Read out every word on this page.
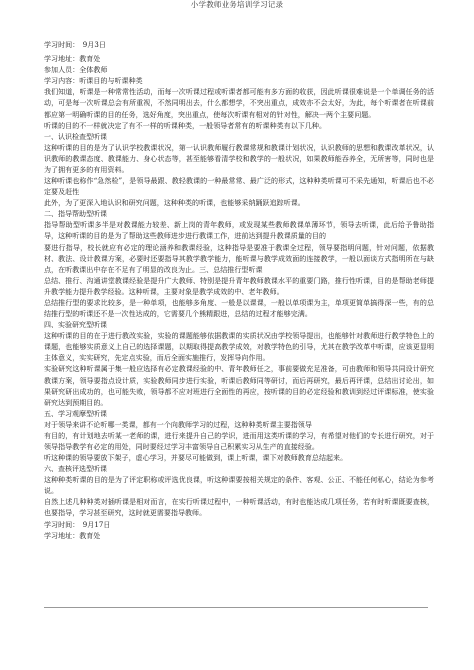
小学教师业务培训学习记录

学习时间：　9月3日

学习地址：教育处

参加人员：全体教师

学习内容：听课目的与听课种类

我们知道，听课是一种常常性活动，而每一次听课过程或听课者都可能有多方面的收获，因此听课很难说是一个单调任务的活动，可是每一次听课总会有所重视，不然同明出去，什么都想学，不突出重点，成效亦不会太好，为此，每个听课者在听课前都应第一明确听课的目的任务，选好角度，突出重点，使每次听课有相对的针对性，解决一两个主要问题。

听课的目的不一样就决定了有不一样的听课种类，一般领导者常有的听课种类有以下几种。

一、认识检查型听课

这种听课的目的是为了认识学校教课状况，第一认识教师履行教课常规和教课计划状况，认识教师的思想和教课改革状况，认识教师的教课态度、教课能力、身心状态等，甚至能够看清学校和教学的一般状况，如果教师能吞养全，无所害等，同时也是为了拥有更多的有用资料。

这种听课也称作“急然检”，是领导最跟、教轻教课的一种最常常、最广泛的形式，这种种类听课可不采先通知，听课后也不必定要及赶性

此外，为了更深入地认识和研究问题，这种种类的听课，也能够采纳踊跃追踪听课。

二、指导帮助型听课

指导帮助型听课多半是对教课能力较差、新上岗的青年教师，或发现某些教师教课单薄环节，领导去听课，此后给予鲁助指导，这种听课的目的是为了帮助这些教师进步进行教课工作，进前达到提升教课质量的目的

要进行指导，校长就应有必定的理论涵养和教课经验，这种指导是要准于教课全过程，领导要指明问题，针对问题，依据教材、教法、设计教课方案，必要时还要指导其教学教学能力，能听课与教学成效面的连接教学，一般以面谈方式指明所在与缺点，在听教课出中存在不足有了明显的改良为止。三、总结推行型听课

总结、推行、沟通讲堂教课经验是提升广大教师、特别是提升青年教师教课水平的重要门路，推行性听课，目的是帮助老师提升教学能力提升教学经验。这种听课，主要对象是教学成效的中、老年教师。

总结推行型的要求比较多，是一种单项，也能够多角度、一般是以课课，一般以单项课为主，单项更简单搞得深一些，有的总结推行型的听课还不是一次性达成的，它需要几个熊精跟进，总结的过程才能够完满。

四、实验研究型听课

这种听课的目的在于进行教改实验，实验的课题能够依据教课的实质状况由学校领导提出，也能够针对教师进行教学特色上的课题，也能够实质意义上自己的选择课题，以期取得提高教学成效，对教学特色的引导，尤其在教学改革中听课，应该更显明主体意义，实实研究，先定点实验，而后全面实施推行，发挥导向作用。

实验研究这种听课属于集一般应选择有必定教课经验的中、青年教师任之，事前要做充足准备，可由教师和领导共同设计研究教课方案，领导要指点设计质，实验教师同步进行实验，听课后教师同等研讨，而后再研究，最后再评课，总结出讨论出，如果研究研出成功的，也可能失败，领导都不应对班进行全面性的再应，按听课的目的必定经验和教训到经过评课标准，使实验研究达到预期目的。

五、学习观摩型听课

对于领导来讲不论听哪一类课，都有一个向教师学习的过程，这种种类听课主要指领导

有目的，有计划地去听某一老师的课，进行来提升自己的学识，进而用这类听课的学习，有希望对他们的专长进行研究，对于领导指导教学有必定的用处，同时要经过学习丰富领导自己积累实习从生产的直接经验。

听这种课的领导要放下架子，虚心学习，并要尽可能做到，课上听课，课下对教师教育总结起来。

六、查核评选型听课

这种种类听课的目的是为了评定职称或评选优良课，听这种课要按相关规定的条件、客观、公正、不能任何私心，结论为参考说。

自然上述几种种类对插听课是相对而言，在实行听课过程中，一种听课活动，有时也能达成几项任务，若有时听课既要查核，也要指导，学习甚至研究，这时就更需要指导教师。

学习时间：　9月17日

学习地址：教育处
